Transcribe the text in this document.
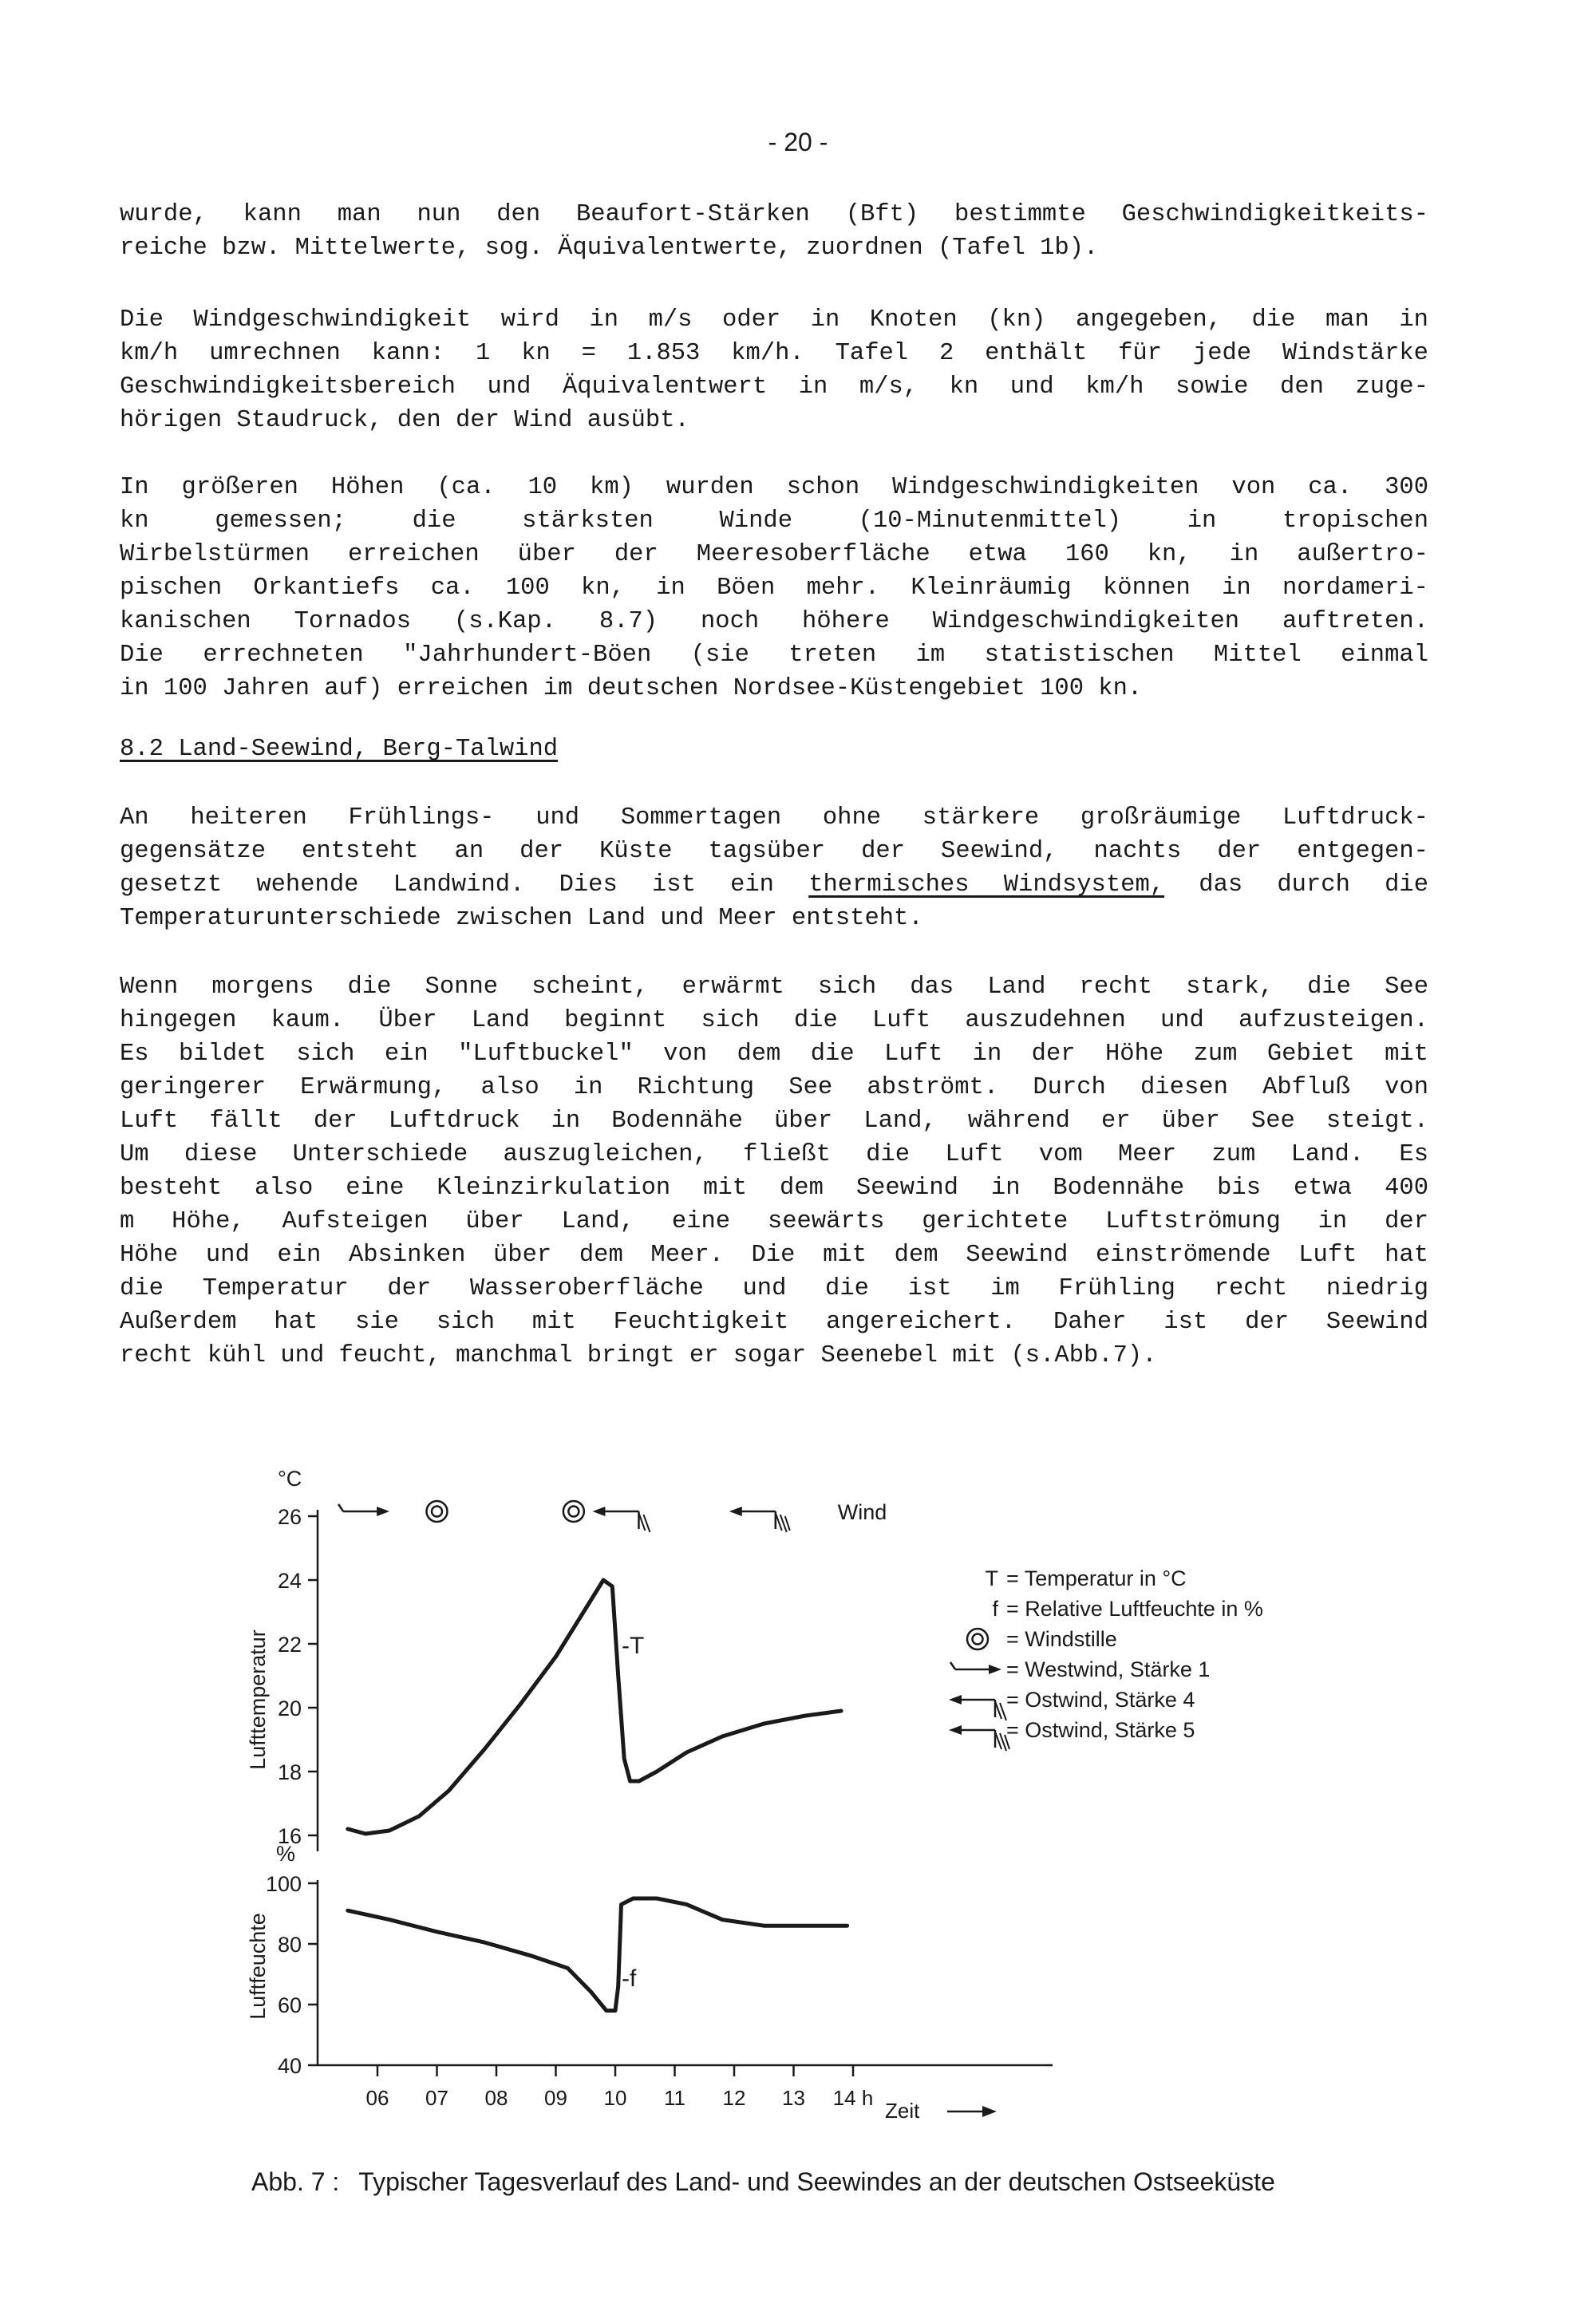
- 20 -
wurde, kann man nun den Beaufort-Stärken (Bft) bestimmte Geschwindigkeitkeits-
reiche bzw. Mittelwerte, sog. Äquivalentwerte, zuordnen (Tafel 1b).
Die Windgeschwindigkeit wird in m/s oder in Knoten (kn) angegeben, die man in
km/h umrechnen kann: 1 kn = 1.853 km/h. Tafel 2 enthält für jede Windstärke
Geschwindigkeitsbereich und Äquivalentwert in m/s, kn und km/h sowie den zuge-
hörigen Staudruck, den der Wind ausübt.
In größeren Höhen (ca. 10 km) wurden schon Windgeschwindigkeiten von ca. 300
kn gemessen; die stärksten Winde (10-Minutenmittel) in tropischen
Wirbelstürmen erreichen über der Meeresoberfläche etwa 160 kn, in außertro-
pischen Orkantiefs ca. 100 kn, in Böen mehr. Kleinräumig können in nordameri-
kanischen Tornados (s.Kap. 8.7) noch höhere Windgeschwindigkeiten auftreten.
Die errechneten "Jahrhundert-Böen (sie treten im statistischen Mittel einmal
in 100 Jahren auf) erreichen im deutschen Nordsee-Küstengebiet 100 kn.
8.2 Land-Seewind, Berg-Talwind
An heiteren Frühlings- und Sommertagen ohne stärkere großräumige Luftdruck-
gegensätze entsteht an der Küste tagsüber der Seewind, nachts der entgegen-
gesetzt wehende Landwind. Dies ist ein thermisches Windsystem, das durch die
Temperaturunterschiede zwischen Land und Meer entsteht.
Wenn morgens die Sonne scheint, erwärmt sich das Land recht stark, die See
hingegen kaum. Über Land beginnt sich die Luft auszudehnen und aufzusteigen.
Es bildet sich ein "Luftbuckel" von dem die Luft in der Höhe zum Gebiet mit
geringerer Erwärmung, also in Richtung See abströmt. Durch diesen Abfluß von
Luft fällt der Luftdruck in Bodennähe über Land, während er über See steigt.
Um diese Unterschiede auszugleichen, fließt die Luft vom Meer zum Land. Es
besteht also eine Kleinzirkulation mit dem Seewind in Bodennähe bis etwa 400
m Höhe, Aufsteigen über Land, eine seewärts gerichtete Luftströmung in der
Höhe und ein Absinken über dem Meer. Die mit dem Seewind einströmende Luft hat
die Temperatur der Wasseroberfläche und die ist im Frühling recht niedrig
Außerdem hat sie sich mit Feuchtigkeit angereichert. Daher ist der Seewind
recht kühl und feucht, manchmal bringt er sogar Seenebel mit (s.Abb.7).
16
18
20
22
24
26
°C
40
60
80
100
%
Lufttemperatur
Luftfeuchte
06 07 08 09 10 11 12 13 14 h
Zeit
-T
-f
Wind
T = Temperatur in °C
f = Relative Luftfeuchte in %
= Windstille
= Westwind, Stärke 1
= Ostwind, Stärke 4
= Ostwind, Stärke 5
Abb. 7 : Typischer Tagesverlauf des Land- und Seewindes an der deutschen Ostseeküste
